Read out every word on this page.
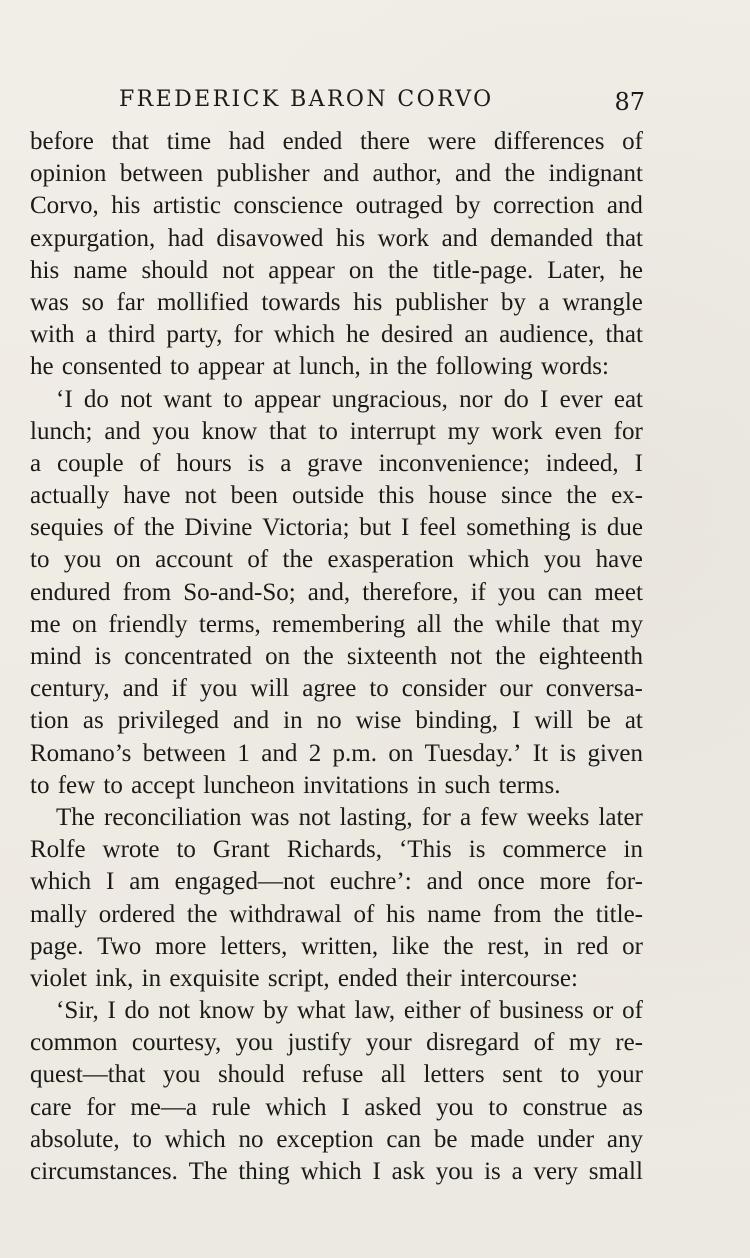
FREDERICK BARON CORVO	87
before that time had ended there were differences of
opinion between publisher and author, and the indignant
Corvo, his artistic conscience outraged by correction and
expurgation, had disavowed his work and demanded that
his name should not appear on the title-page. Later, he
was so far mollified towards his publisher by a wrangle
with a third party, for which he desired an audience, that
he consented to appear at lunch, in the following words:
‘I do not want to appear ungracious, nor do I ever eat
lunch; and you know that to interrupt my work even for
a couple of hours is a grave inconvenience; indeed, I
actually have not been outside this house since the ex-
sequies of the Divine Victoria; but I feel something is due
to you on account of the exasperation which you have
endured from So-and-So; and, therefore, if you can meet
me on friendly terms, remembering all the while that my
mind is concentrated on the sixteenth not the eighteenth
century, and if you will agree to consider our conversa-
tion as privileged and in no wise binding, I will be at
Romano’s between 1 and 2 p.m. on Tuesday.’ It is given
to few to accept luncheon invitations in such terms.
The reconciliation was not lasting, for a few weeks later
Rolfe wrote to Grant Richards, ‘This is commerce in
which I am engaged—not euchre’: and once more for-
mally ordered the withdrawal of his name from the title-
page. Two more letters, written, like the rest, in red or
violet ink, in exquisite script, ended their intercourse:
‘Sir, I do not know by what law, either of business or of
common courtesy, you justify your disregard of my re-
quest—that you should refuse all letters sent to your
care for me—a rule which I asked you to construe as
absolute, to which no exception can be made under any
circumstances. The thing which I ask you is a very small
